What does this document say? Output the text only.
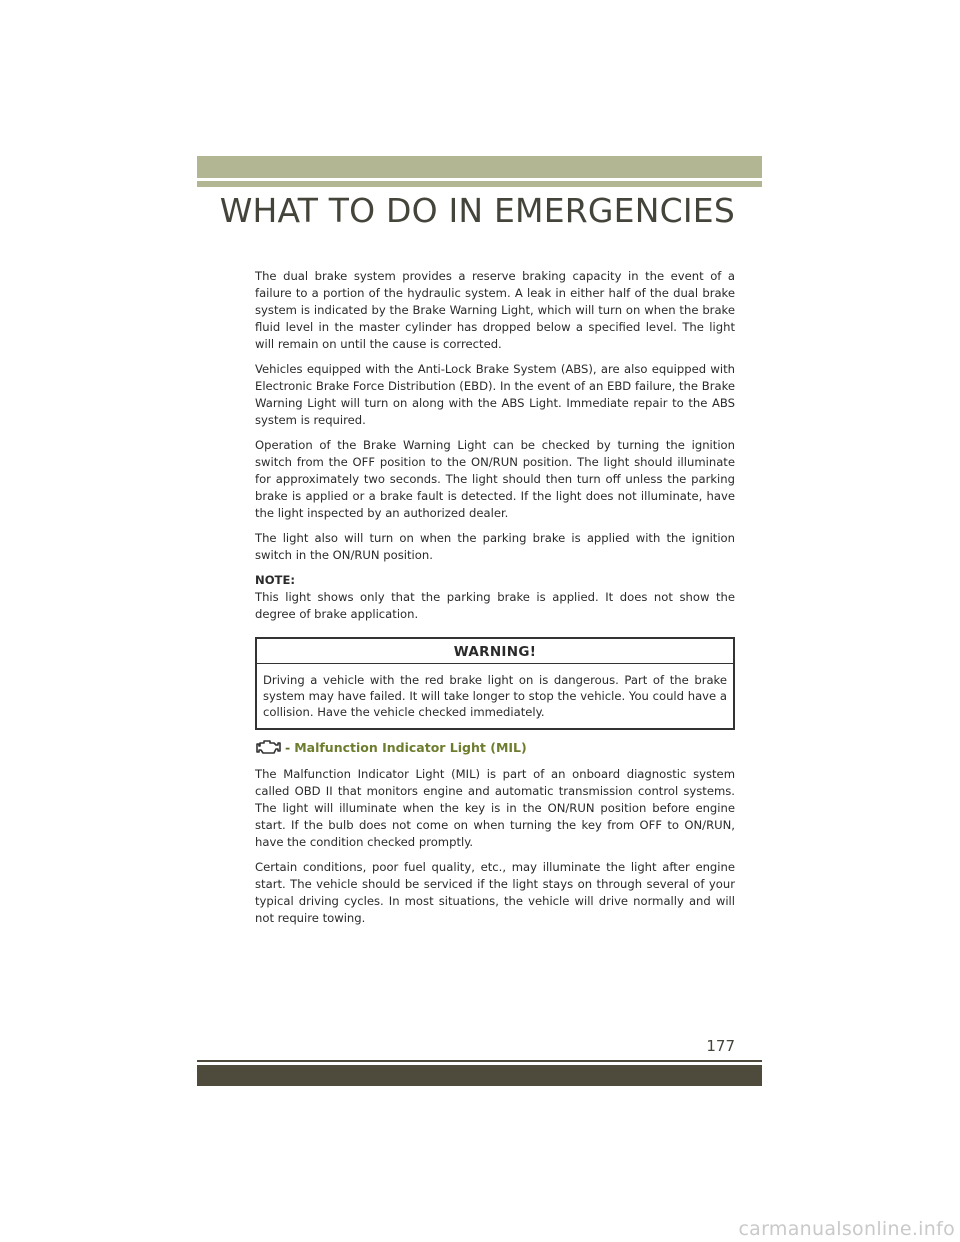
WHAT TO DO IN EMERGENCIES

The dual brake system provides a reserve braking capacity in the event of a failure to a portion of the hydraulic system. A leak in either half of the dual brake system is indicated by the Brake Warning Light, which will turn on when the brake fluid level in the master cylinder has dropped below a specified level. The light will remain on until the cause is corrected.

Vehicles equipped with the Anti-Lock Brake System (ABS), are also equipped with Electronic Brake Force Distribution (EBD). In the event of an EBD failure, the Brake Warning Light will turn on along with the ABS Light. Immediate repair to the ABS system is required.

Operation of the Brake Warning Light can be checked by turning the ignition switch from the OFF position to the ON/RUN position. The light should illuminate for approximately two seconds. The light should then turn off unless the parking brake is applied or a brake fault is detected. If the light does not illuminate, have the light inspected by an authorized dealer.

The light also will turn on when the parking brake is applied with the ignition switch in the ON/RUN position.

NOTE:

This light shows only that the parking brake is applied. It does not show the degree of brake application.

WARNING!
Driving a vehicle with the red brake light on is dangerous. Part of the brake system may have failed. It will take longer to stop the vehicle. You could have a collision. Have the vehicle checked immediately.
- Malfunction Indicator Light (MIL)

The Malfunction Indicator Light (MIL) is part of an onboard diagnostic system called OBD II that monitors engine and automatic transmission control systems. The light will illuminate when the key is in the ON/RUN position before engine start. If the bulb does not come on when turning the key from OFF to ON/RUN, have the condition checked promptly.

Certain conditions, poor fuel quality, etc., may illuminate the light after engine start. The vehicle should be serviced if the light stays on through several of your typical driving cycles. In most situations, the vehicle will drive normally and will not require towing.

177
carmanualsonline.info
